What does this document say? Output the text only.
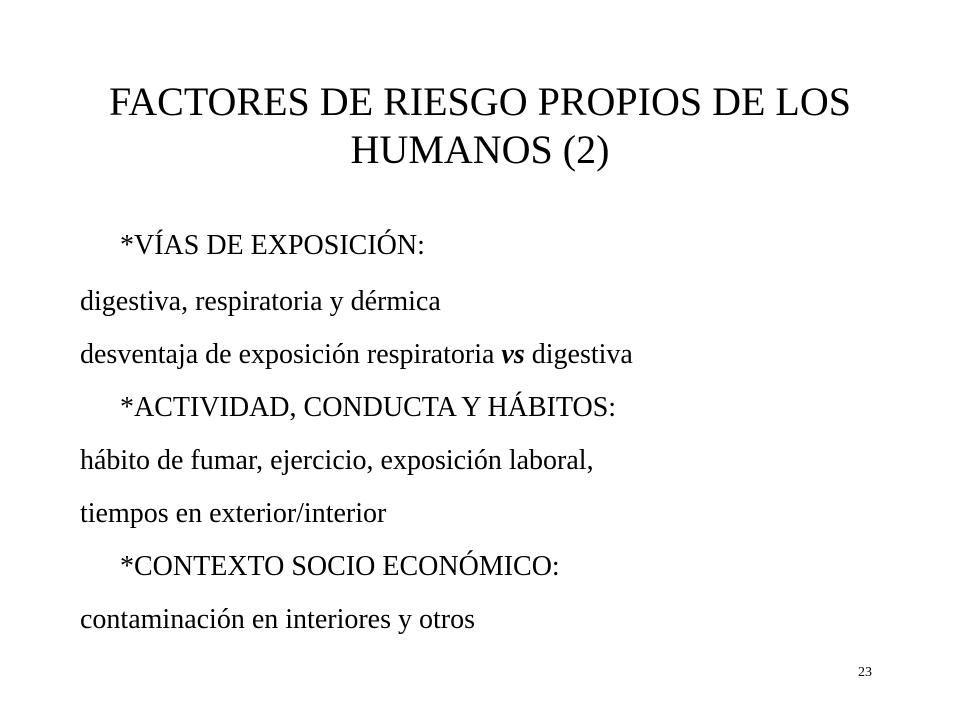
FACTORES DE RIESGO PROPIOS DE LOS
HUMANOS (2)

*VÍAS DE EXPOSICIÓN:

digestiva, respiratoria y dérmica

desventaja de exposición respiratoria vs digestiva

*ACTIVIDAD, CONDUCTA Y HÁBITOS:

hábito de fumar, ejercicio, exposición laboral,

tiempos en exterior/interior

*CONTEXTO SOCIO ECONÓMICO:

contaminación en interiores y otros

23
